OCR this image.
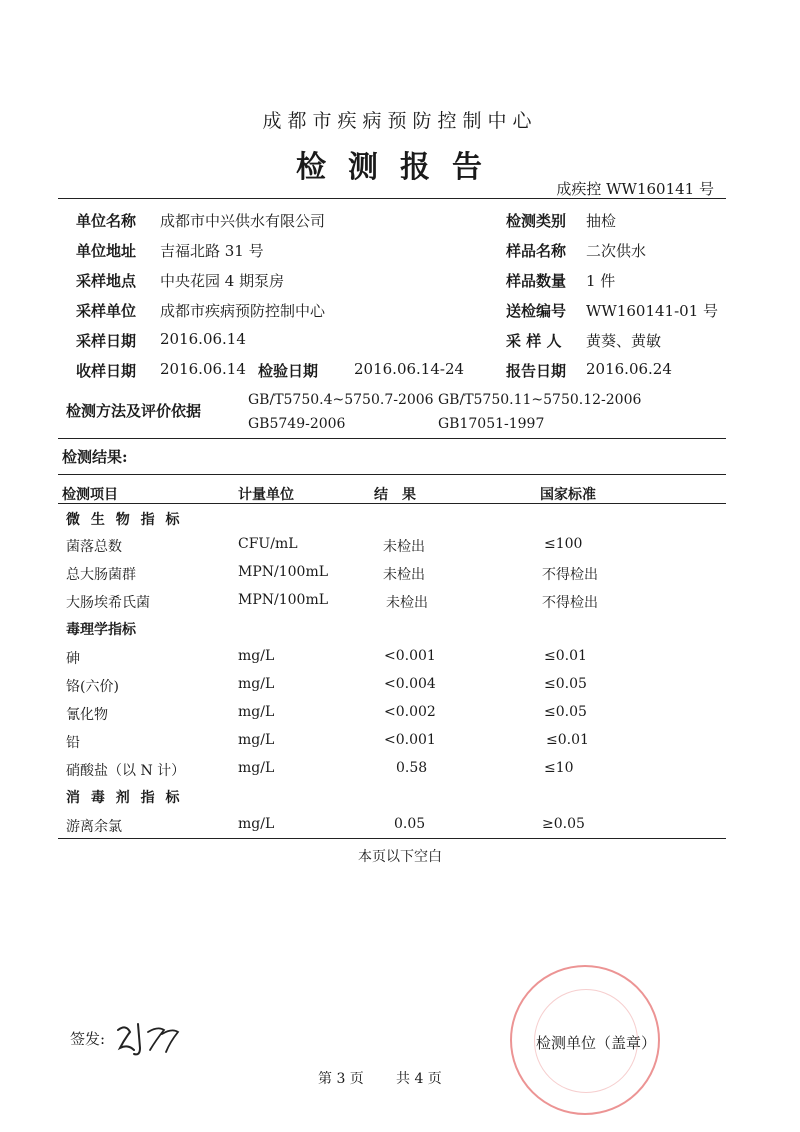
成都市疾病预防控制中心
检测报告
成疾控 WW160141 号
单位名称 成都市中兴供水有限公司	检测类别 抽检
单位地址 吉福北路 31 号	样品名称 二次供水
采样地点 中央花园 4 期泵房	样品数量 1 件
采样单位 成都市疾病预防控制中心	送检编号 WW160141-01 号
采样日期 2016.06.14	采 样 人 黄葵、黄敏
收样日期 2016.06.14 检验日期 2016.06.14-24	报告日期 2016.06.24
检测方法及评价依据
GB/T5750.4~5750.7-2006 GB/T5750.11~5750.12-2006
GB5749-2006	GB17051-1997
检测结果:
检测项目	计量单位	结　果	国家标准
微 生 物 指 标
菌落总数	CFU/mL	未检出	≤100
总大肠菌群	MPN/100mL	未检出	不得检出
大肠埃希氏菌	MPN/100mL	未检出	不得检出
毒理学指标
砷	mg/L	<0.001	≤0.01
铬(六价)	mg/L	<0.004	≤0.05
氰化物	mg/L	<0.002	≤0.05
铅	mg/L	<0.001	≤0.01
硝酸盐（以 N 计）	mg/L	0.58	≤10
消 毒 剂 指 标
游离余氯	mg/L	0.05	≥0.05
本页以下空白
签发:	检测单位（盖章）
第 3 页 共 4 页
